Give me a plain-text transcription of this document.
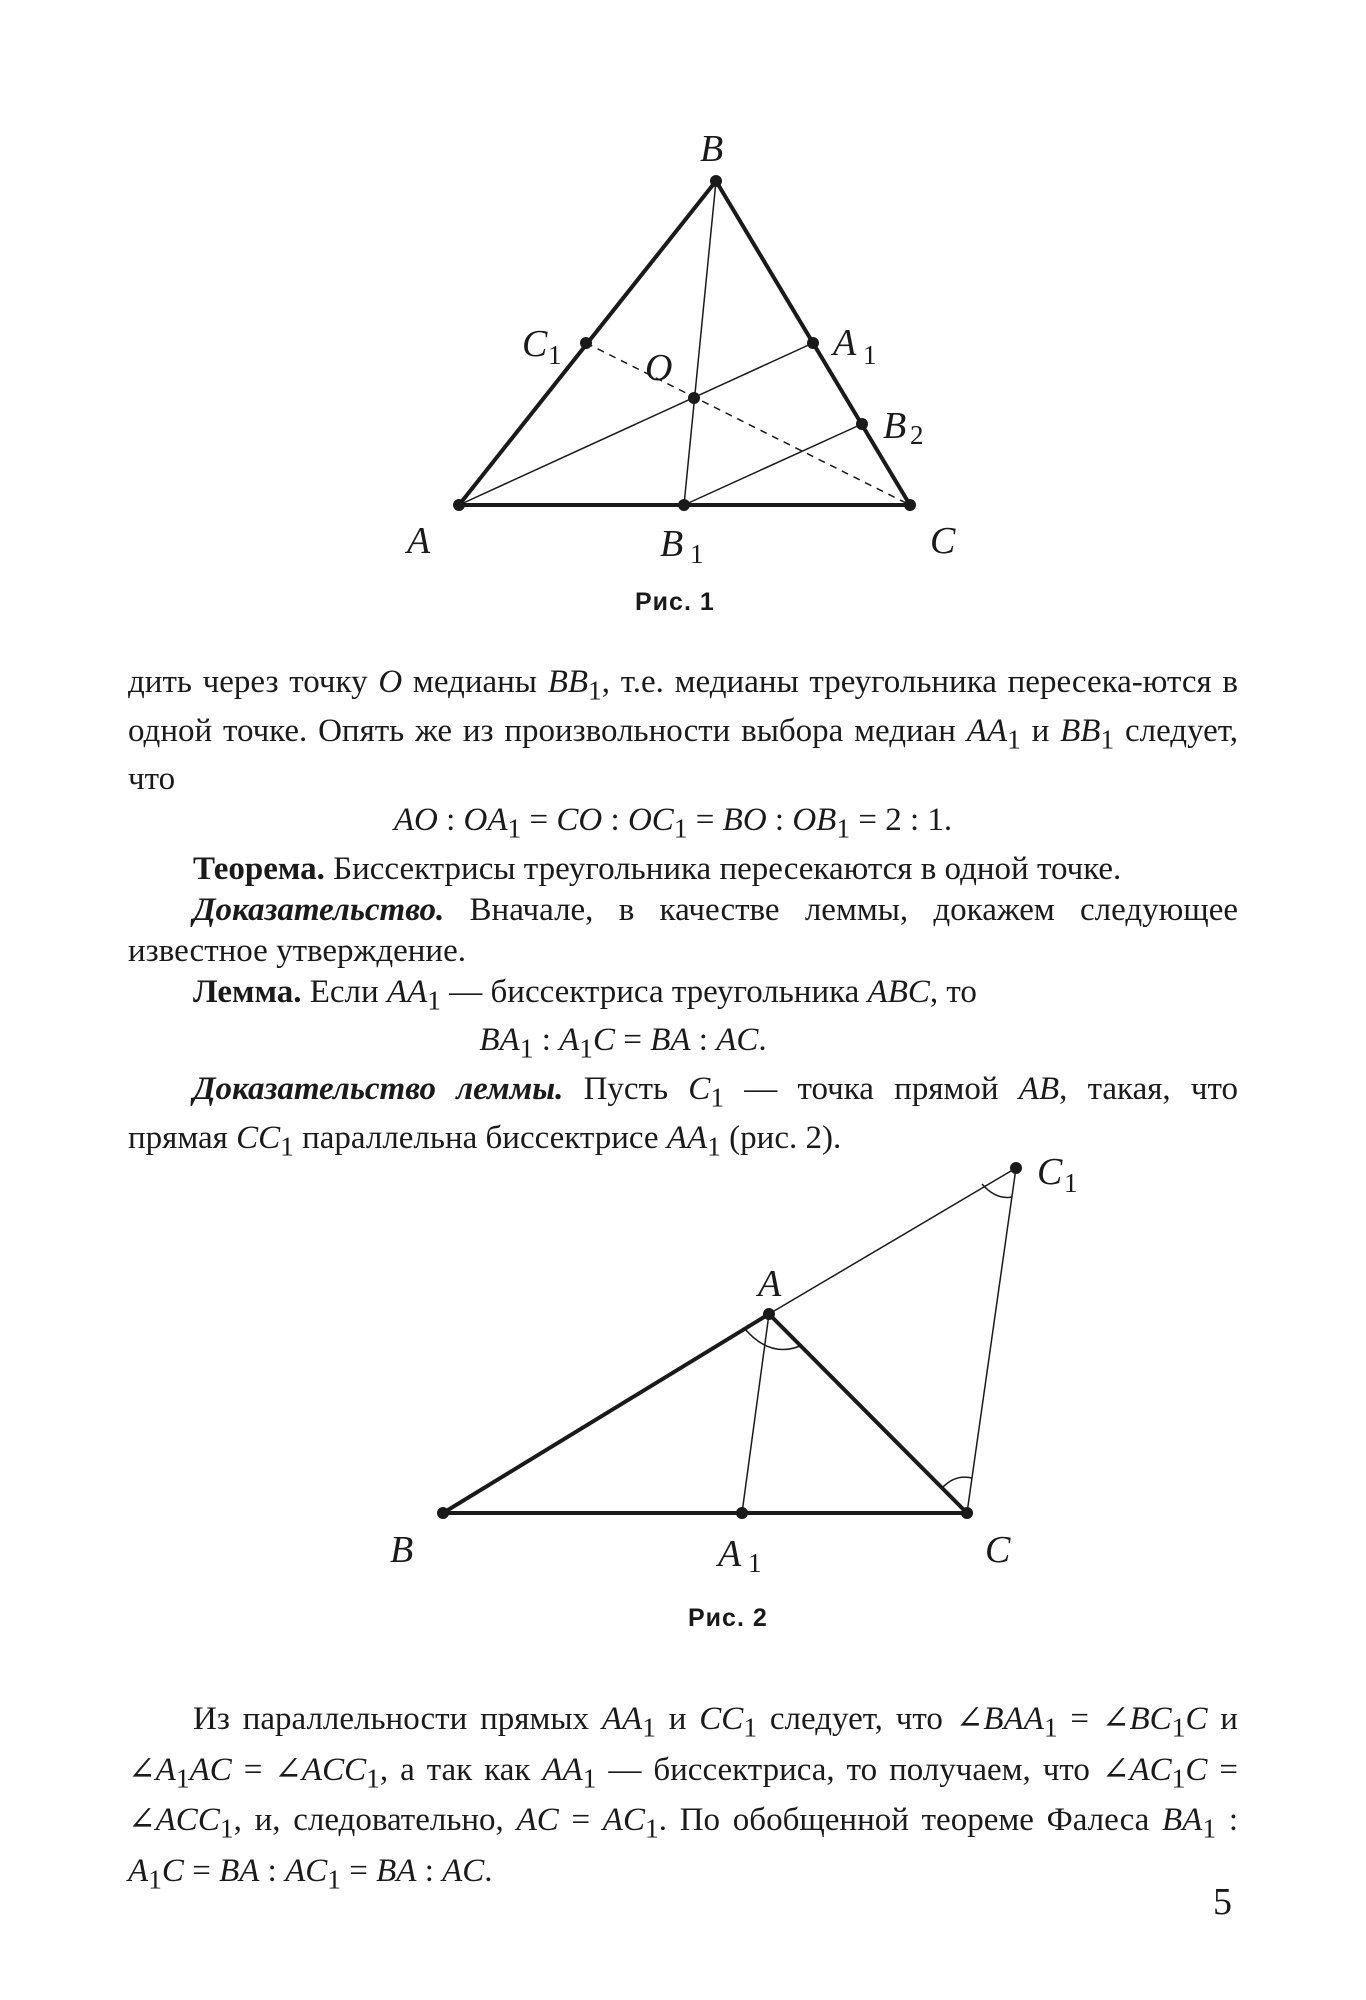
B
C 1 O
A 1
B 2
A	B 1	C
Рис. 1

дить через точку O медианы $BB_1$, т.е. медианы треугольника пересека-ются в одной точке. Опять же из произвольности выбора медиан $AA_1$ и $BB_1$ следует, что

AO : $OA_1$ = CO : $OC_1$ = BO : $OB_1 = 2$ : 1.

Теорема. Биссектрисы треугольника пересекаются в одной точке.

Доказательство. Вначале, в качестве леммы, докажем следующее известное утверждение.

Лемма. Если $AA_1$ — биссектриса треугольника ABC, то

$BA_1$ : $A_1C$ = BA : AC.

Доказательство леммы. Пусть $C_1$ — точка прямой AB, такая, что прямая $CC_1$ параллельна биссектрисе $AA_1$ (рис. 2).

C 1
A
B	A 1	C
Рис. 2

Из параллельности прямых $AA_1$ и $CC_1$ следует, что $\angle BAA_1$ = $\angle BC_1C$ и $\angle A_1AC$ = $\angle ACC_1$, а так как $AA_1$ — биссектриса, то получаем, что $\angle AC_1C$ = $\angle ACC_1$, и, следовательно, AC = $AC_1$. По обобщенной теореме Фалеса $BA_1$ : $A_1C$ = BA : $AC_1$ = BA : AC.

5
